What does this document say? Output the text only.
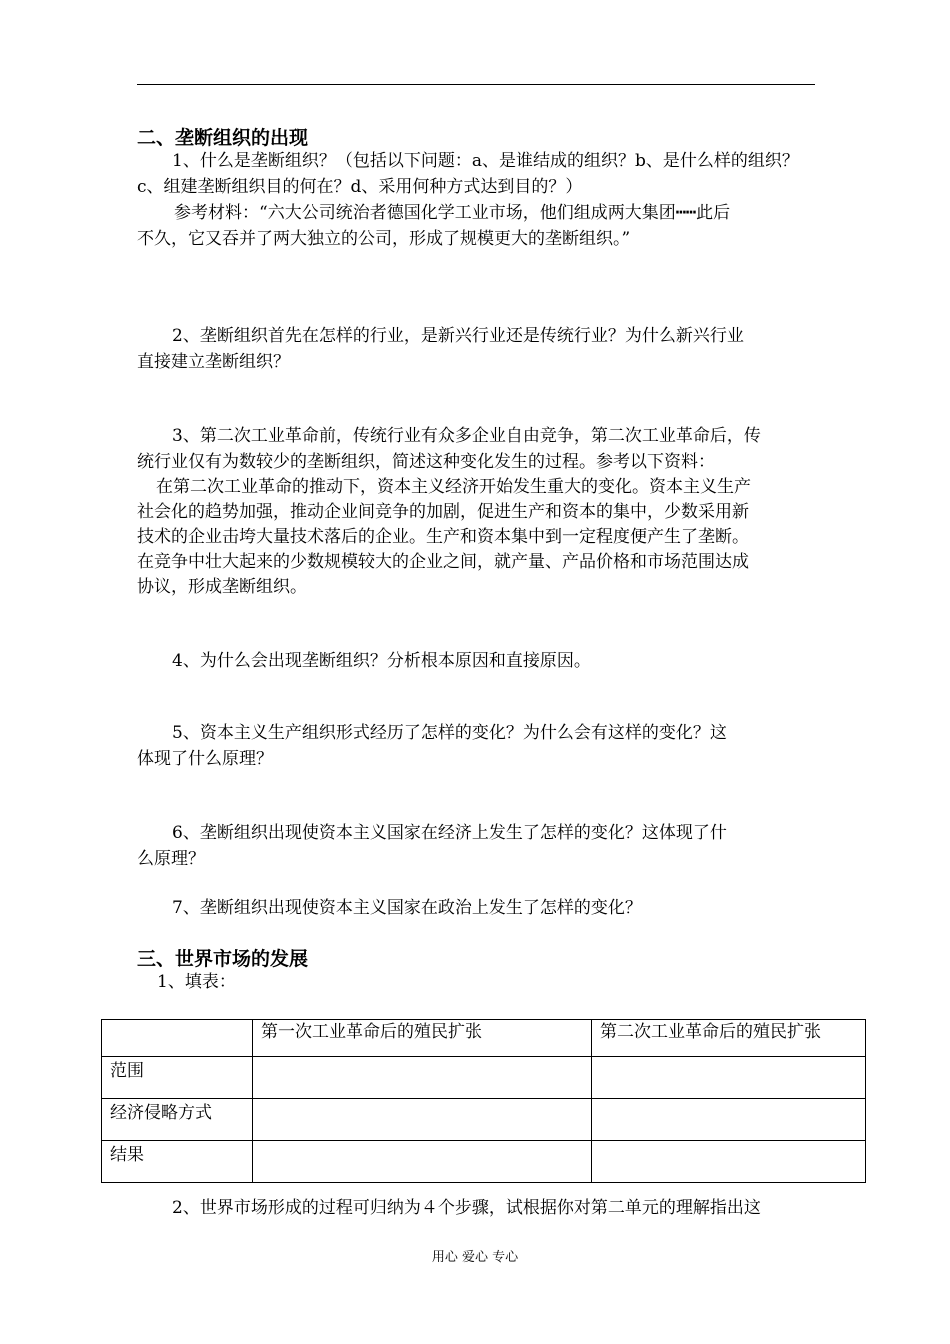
二、垄断组织的出现
1、什么是垄断组织？（包括以下问题：a、是谁结成的组织？b、是什么样的组织？
c、组建垄断组织目的何在？d、采用何种方式达到目的？）
参考材料：“六大公司统治者德国化学工业市场，他们组成两大集团┅┅此后
不久，它又吞并了两大独立的公司，形成了规模更大的垄断组织。”
2、垄断组织首先在怎样的行业，是新兴行业还是传统行业？为什么新兴行业
直接建立垄断组织？
3、第二次工业革命前，传统行业有众多企业自由竞争，第二次工业革命后，传
统行业仅有为数较少的垄断组织，简述这种变化发生的过程。参考以下资料：
在第二次工业革命的推动下，资本主义经济开始发生重大的变化。资本主义生产
社会化的趋势加强，推动企业间竞争的加剧，促进生产和资本的集中，少数采用新
技术的企业击垮大量技术落后的企业。生产和资本集中到一定程度便产生了垄断。
在竞争中壮大起来的少数规模较大的企业之间，就产量、产品价格和市场范围达成
协议，形成垄断组织。
4、为什么会出现垄断组织？分析根本原因和直接原因。
5、资本主义生产组织形式经历了怎样的变化？为什么会有这样的变化？这
体现了什么原理？
6、垄断组织出现使资本主义国家在经济上发生了怎样的变化？这体现了什
么原理？
7、垄断组织出现使资本主义国家在政治上发生了怎样的变化？
三、世界市场的发展
1、填表：
	第一次工业革命后的殖民扩张	第二次工业革命后的殖民扩张
范围		
经济侵略方式		
结果		
2、世界市场形成的过程可归纳为４个步骤，试根据你对第二单元的理解指出这
用心 爱心 专心
